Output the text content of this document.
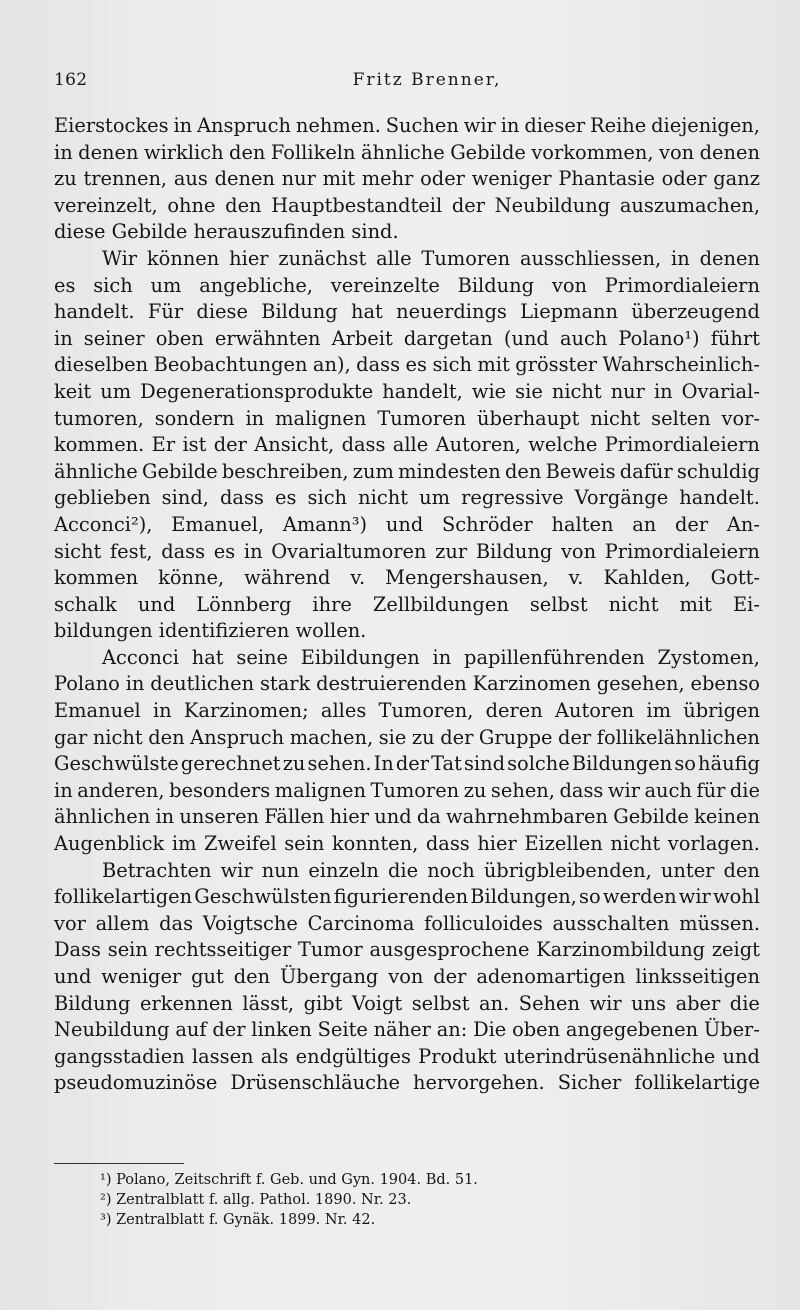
162	Fritz Brenner,
Eierstockes in Anspruch nehmen. Suchen wir in dieser Reihe diejenigen,
in denen wirklich den Follikeln ähnliche Gebilde vorkommen, von denen
zu trennen, aus denen nur mit mehr oder weniger Phantasie oder ganz
vereinzelt, ohne den Hauptbestandteil der Neubildung auszumachen,
diese Gebilde herauszufinden sind.
Wir können hier zunächst alle Tumoren ausschliessen, in denen
es sich um angebliche, vereinzelte Bildung von Primordialeiern
handelt. Für diese Bildung hat neuerdings Liepmann überzeugend
in seiner oben erwähnten Arbeit dargetan (und auch Polano¹) führt
dieselben Beobachtungen an), dass es sich mit grösster Wahrscheinlich-
keit um Degenerationsprodukte handelt, wie sie nicht nur in Ovarial-
tumoren, sondern in malignen Tumoren überhaupt nicht selten vor-
kommen. Er ist der Ansicht, dass alle Autoren, welche Primordialeiern
ähnliche Gebilde beschreiben, zum mindesten den Beweis dafür schuldig
geblieben sind, dass es sich nicht um regressive Vorgänge handelt.
Acconci²), Emanuel, Amann³) und Schröder halten an der An-
sicht fest, dass es in Ovarialtumoren zur Bildung von Primordialeiern
kommen könne, während v. Mengershausen, v. Kahlden, Gott-
schalk und Lönnberg ihre Zellbildungen selbst nicht mit Ei-
bildungen identifizieren wollen.
Acconci hat seine Eibildungen in papillenführenden Zystomen,
Polano in deutlichen stark destruierenden Karzinomen gesehen, ebenso
Emanuel in Karzinomen; alles Tumoren, deren Autoren im übrigen
gar nicht den Anspruch machen, sie zu der Gruppe der follikelähnlichen
Geschwülste gerechnet zu sehen. In der Tat sind solche Bildungen so häufig
in anderen, besonders malignen Tumoren zu sehen, dass wir auch für die
ähnlichen in unseren Fällen hier und da wahrnehmbaren Gebilde keinen
Augenblick im Zweifel sein konnten, dass hier Eizellen nicht vorlagen.
Betrachten wir nun einzeln die noch übrigbleibenden, unter den
follikelartigen Geschwülsten figurierenden Bildungen, so werden wir wohl
vor allem das Voigtsche Carcinoma folliculoides ausschalten müssen.
Dass sein rechtsseitiger Tumor ausgesprochene Karzinombildung zeigt
und weniger gut den Übergang von der adenomartigen linksseitigen
Bildung erkennen lässt, gibt Voigt selbst an. Sehen wir uns aber die
Neubildung auf der linken Seite näher an: Die oben angegebenen Über-
gangsstadien lassen als endgültiges Produkt uterindrüsenähnliche und
pseudomuzinöse Drüsenschläuche hervorgehen. Sicher follikelartige
¹) Polano, Zeitschrift f. Geb. und Gyn. 1904. Bd. 51.
²) Zentralblatt f. allg. Pathol. 1890. Nr. 23.
³) Zentralblatt f. Gynäk. 1899. Nr. 42.
